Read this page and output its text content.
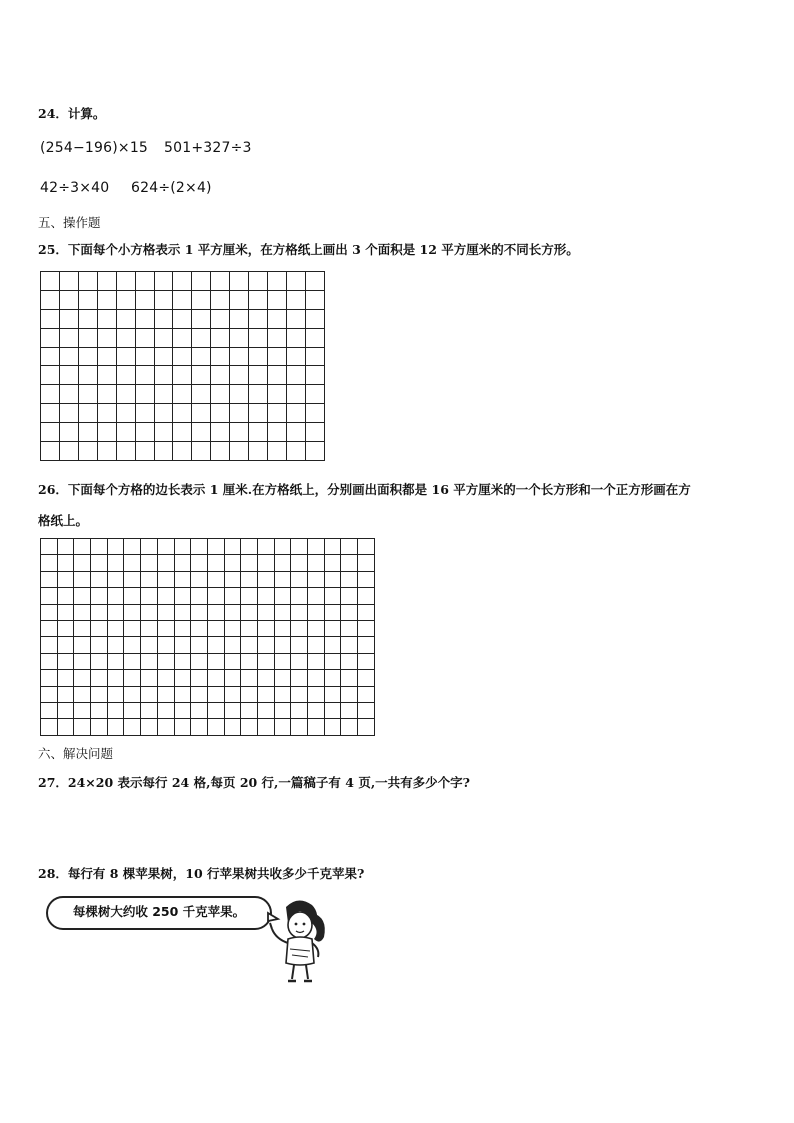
24．计算。
(254−196)×15 501+327÷3
42÷3×40 624÷(2×4)
五、操作题
25．下面每个小方格表示 1 平方厘米，在方格纸上画出 3 个面积是 12 平方厘米的不同长方形。

26．下面每个方格的边长表示 1 厘米.在方格纸上，分别画出面积都是 16 平方厘米的一个长方形和一个正方形画在方
格纸上。

六、解决问题
27．24×20 表示每行 24 格,每页 20 行,一篇稿子有 4 页,一共有多少个字?
28．每行有 8 棵苹果树，10 行苹果树共收多少千克苹果?
每棵树大约收 250 千克苹果。
